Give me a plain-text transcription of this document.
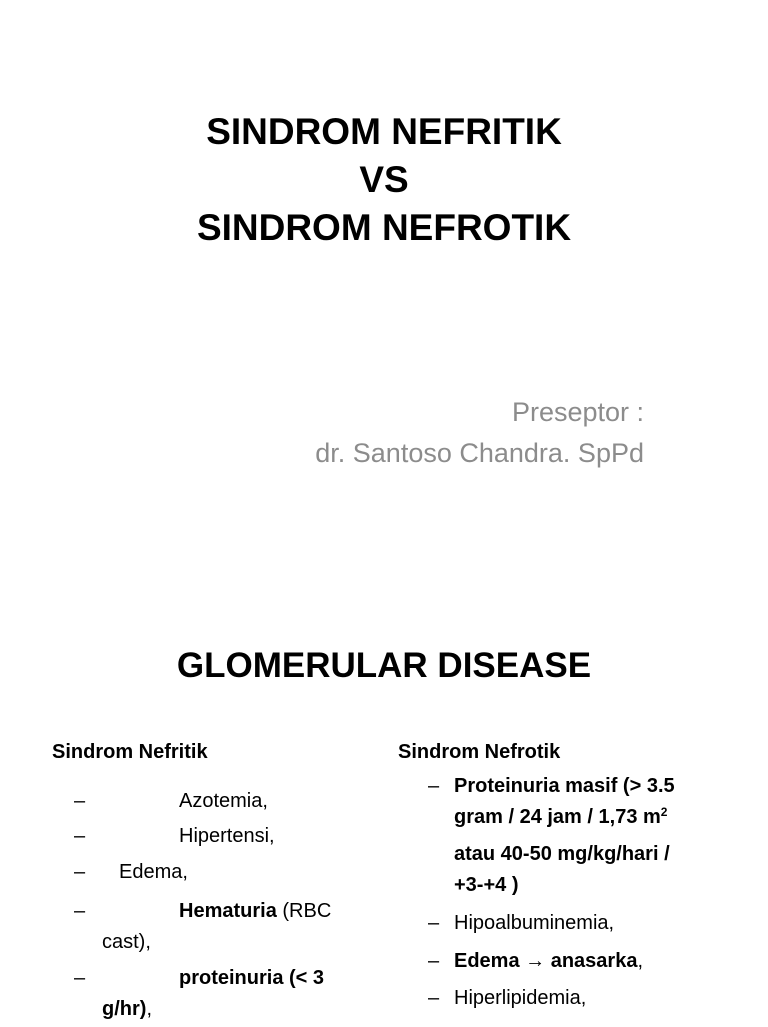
SINDROM NEFRITIK
VS
SINDROM NEFROTIK
Preseptor :
dr. Santoso Chandra. SpPd
GLOMERULAR DISEASE
Sindrom Nefritik	Sindrom Nefrotik
–	Azotemia,
–	Hipertensi,
– Edema,
–	Hematuria (RBC
cast),
–	proteinuria (< 3
g/hr),
– Proteinuria masif (> 3.5
gram / 24 jam / 1,73 $m^2$
atau 40-50 mg/kg/hari /
+3-+4 )
– Hipoalbuminemia,
– Edema → anasarka,
– Hiperlipidemia,
